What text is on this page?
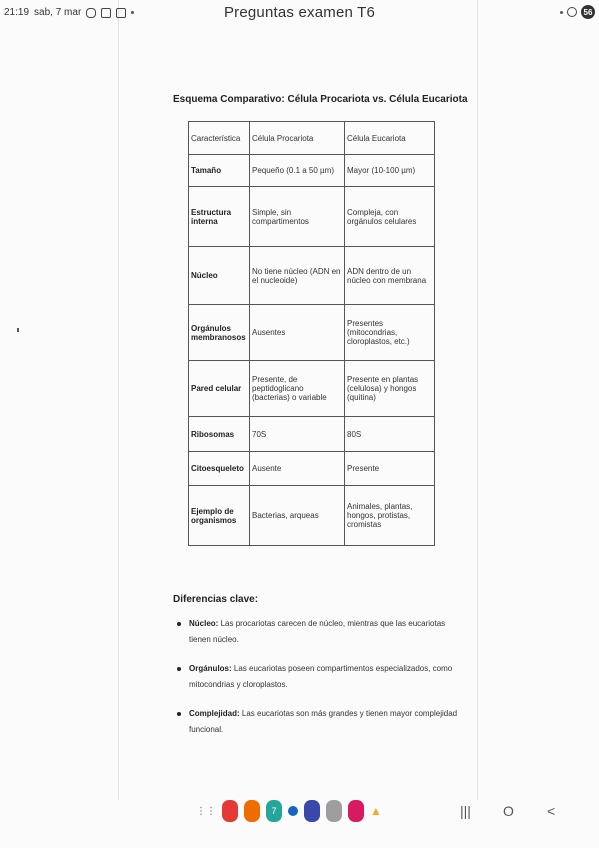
21:19 sab, 7 mar	56
Preguntas examen T6
Esquema Comparativo: Célula Procariota vs. Célula Eucariota
Característica	Célula Procariota	Célula Eucariota
Tamaño	Pequeño (0.1 a 50 µm)	Mayor (10-100 µm)
Estructura interna	Simple, sin compartimentos	Compleja, con orgánulos celulares
Núcleo	No tiene núcleo (ADN en el nucleoide)	ADN dentro de un núcleo con membrana
Orgánulos membranosos	Ausentes	Presentes (mitocondrias, cloroplastos, etc.)
Pared celular	Presente, de peptidoglicano (bacterias) o variable	Presente en plantas (celulosa) y hongos (quitina)
Ribosomas	70S	80S
Citoesqueleto	Ausente	Presente
Ejemplo de organismos	Bacterias, arqueas	Animales, plantas, hongos, protistas, cromistas
Diferencias clave:
Núcleo: Las procariotas carecen de núcleo, mientras que las eucariotas tienen núcleo.
Orgánulos: Las eucariotas poseen compartimentos especializados, como mitocondrias y cloroplastos.
Complejidad: Las eucariotas son más grandes y tienen mayor complejidad funcional.
⋮⋮	7	▲	||| O <
